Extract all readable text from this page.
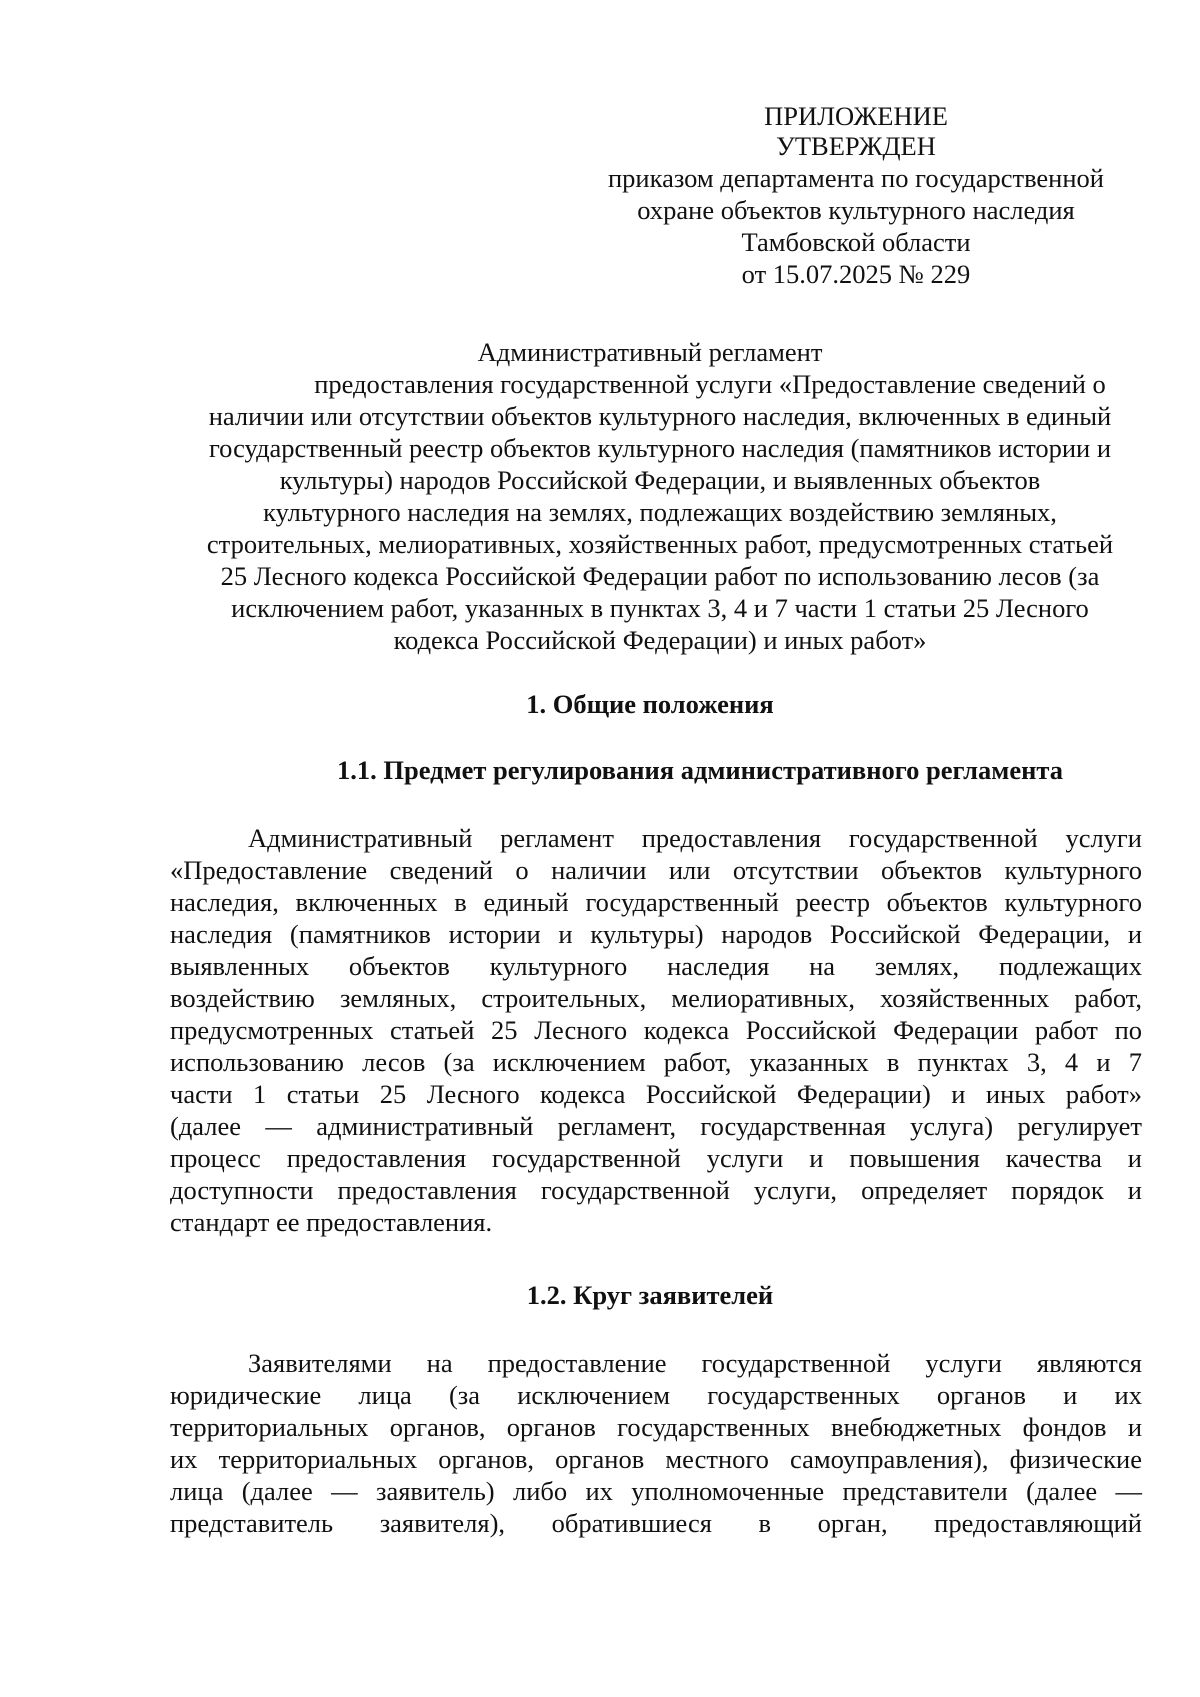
ПРИЛОЖЕНИЕ
УТВЕРЖДЕН
приказом департамента по государственной
охране объектов культурного наследия
Тамбовской области
от 15.07.2025 № 229
Административный регламент
предоставления государственной услуги «Предоставление сведений о
наличии или отсутствии объектов культурного наследия, включенных в единый
государственный реестр объектов культурного наследия (памятников истории и
культуры) народов Российской Федерации, и выявленных объектов
культурного наследия на землях, подлежащих воздействию земляных,
строительных, мелиоративных, хозяйственных работ, предусмотренных статьей
25 Лесного кодекса Российской Федерации работ по использованию лесов (за
исключением работ, указанных в пунктах 3, 4 и 7 части 1 статьи 25 Лесного
кодекса Российской Федерации) и иных работ»
1. Общие положения
1.1. Предмет регулирования административного регламента
Административный регламент предоставления государственной услуги
«Предоставление сведений о наличии или отсутствии объектов культурного
наследия, включенных в единый государственный реестр объектов культурного
наследия (памятников истории и культуры) народов Российской Федерации, и
выявленных объектов культурного наследия на землях, подлежащих
воздействию земляных, строительных, мелиоративных, хозяйственных работ,
предусмотренных статьей 25 Лесного кодекса Российской Федерации работ по
использованию лесов (за исключением работ, указанных в пунктах 3, 4 и 7
части 1 статьи 25 Лесного кодекса Российской Федерации) и иных работ»
(далее — административный регламент, государственная услуга) регулирует
процесс предоставления государственной услуги и повышения качества и
доступности предоставления государственной услуги, определяет порядок и
стандарт ее предоставления.
1.2. Круг заявителей
Заявителями на предоставление государственной услуги являются
юридические лица (за исключением государственных органов и их
территориальных органов, органов государственных внебюджетных фондов и
их территориальных органов, органов местного самоуправления), физические
лица (далее — заявитель) либо их уполномоченные представители (далее —
представитель заявителя), обратившиеся в орган, предоставляющий
